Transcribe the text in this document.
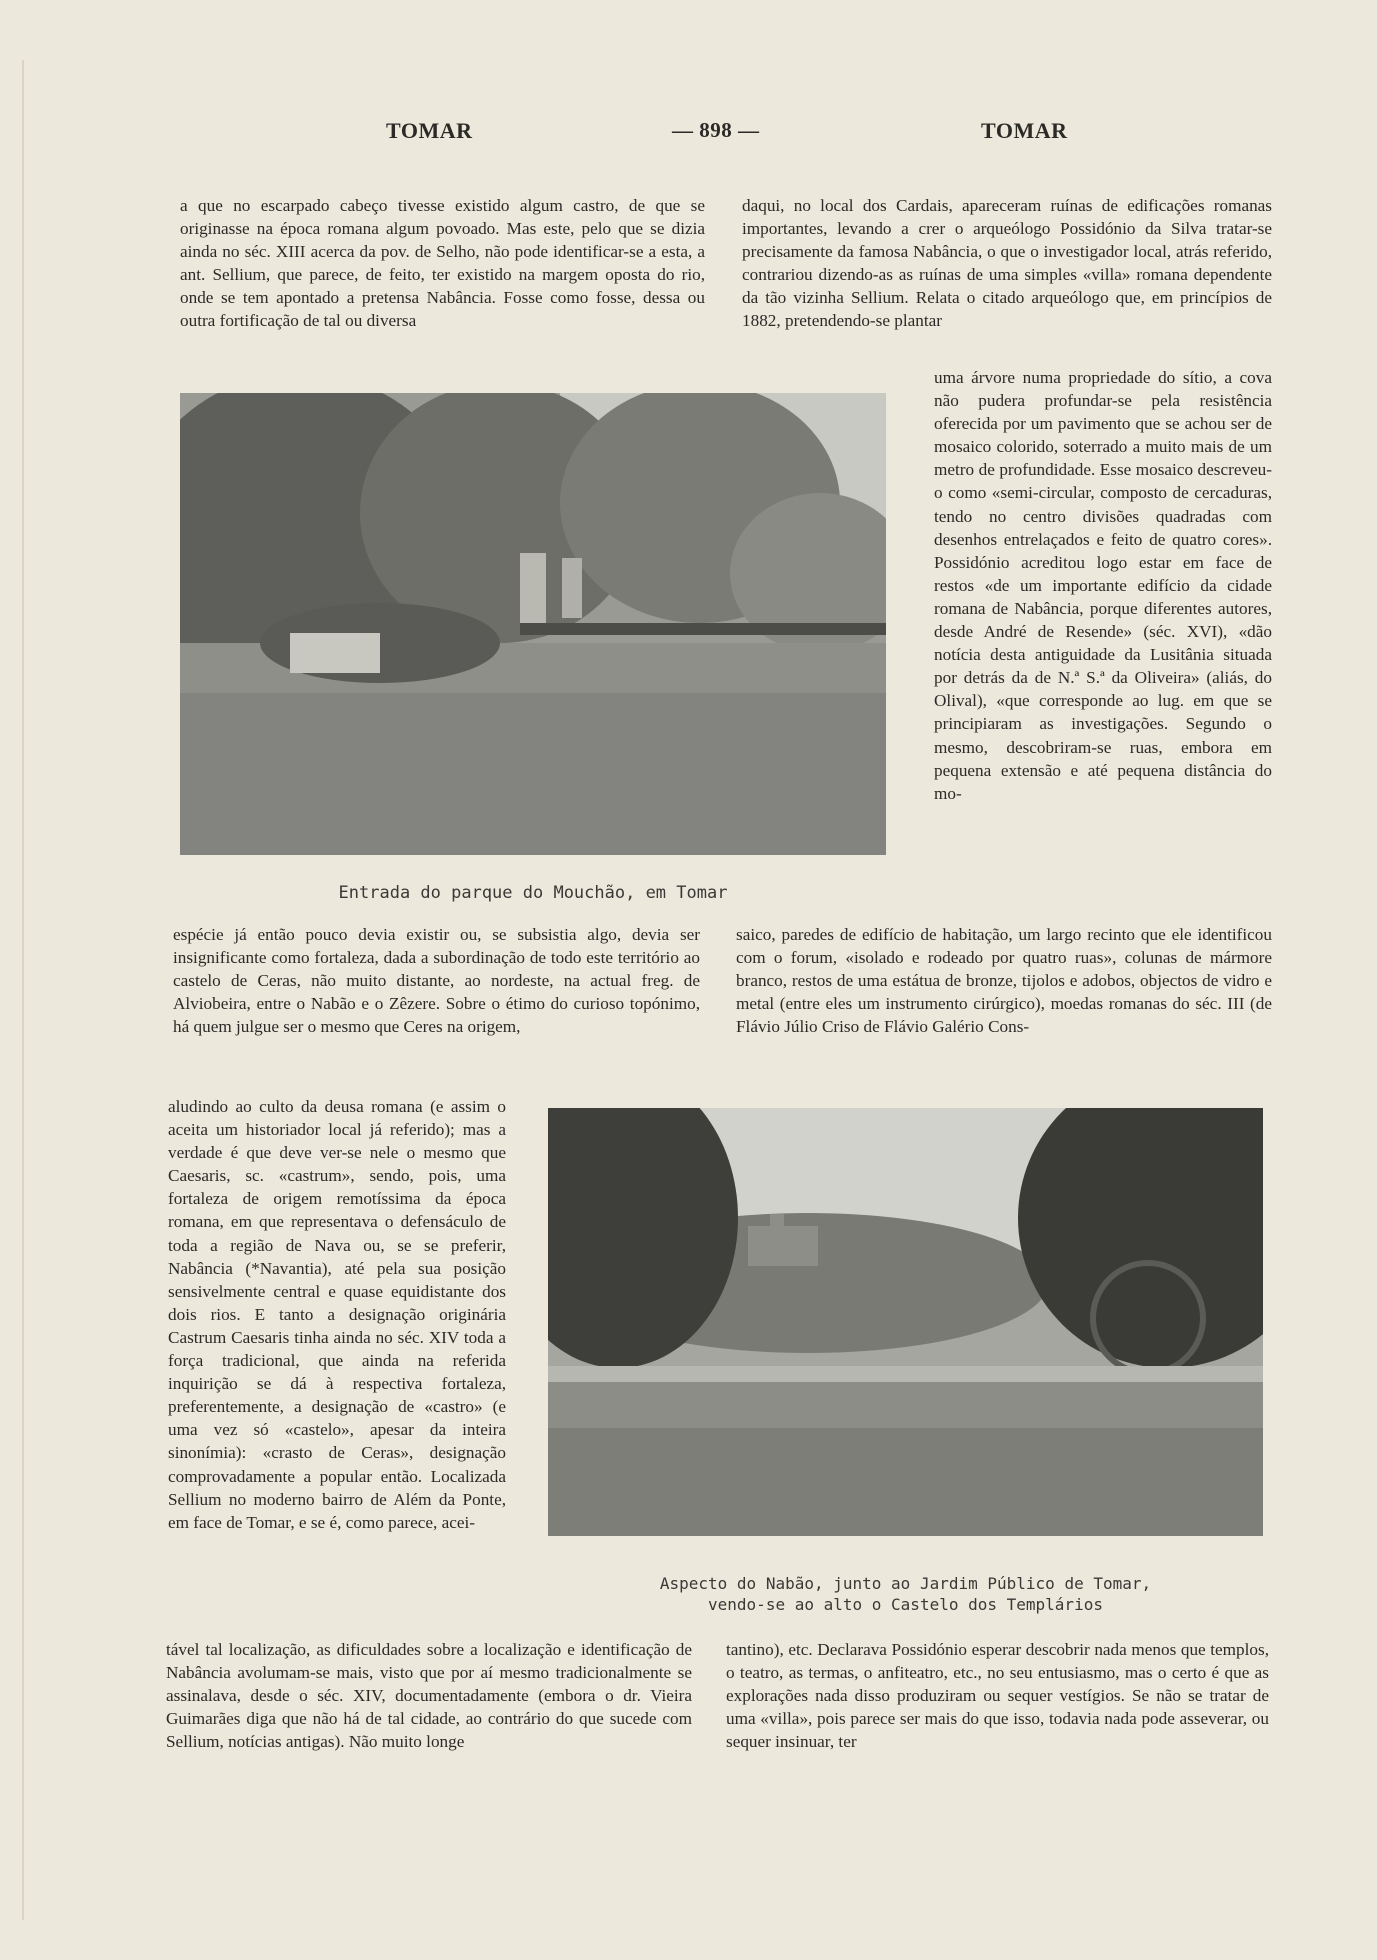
ТОМАR	— 898 —	ТОМАR

a que no escarpado cabeço tivesse existido algum castro, de que se originasse na época romana algum povoado. Mas este, pelo que se dizia ainda no séc. XIII acerca da pov. de Selho, não pode identificar-se a esta, a ant. Sellium, que parece, de feito, ter existido na margem oposta do rio, onde se tem apontado a pretensa Nabância. Fosse como fosse, dessa ou outra fortificação de tal ou diversa

daqui, no local dos Cardais, apareceram ruínas de edificações romanas importantes, levando a crer o arqueólogo Possidónio da Silva tratar-se precisamente da famosa Nabância, o que o investigador local, atrás referido, contrariou dizendo-as as ruínas de uma simples «villa» romana dependente da tão vizinha Sellium. Relata o citado arqueólogo que, em princípios de 1882, pretendendo-se plantar

Entrada do parque do Mouchão, em Tomar

uma árvore numa propriedade do sítio, a cova não pudera profundar-se pela resistência oferecida por um pavimento que se achou ser de mosaico colorido, soterrado a muito mais de um metro de profundidade. Esse mosaico descreveu-o como «semi-circular, composto de cercaduras, tendo no centro divisões quadradas com desenhos entrelaçados e feito de quatro cores». Possidónio acreditou logo estar em face de restos «de um importante edifício da cidade romana de Nabância, porque diferentes autores, desde André de Resende» (séc. XVI), «dão notícia desta antiguidade da Lusitânia situada por detrás da de N.ª S.ª da Oliveira» (aliás, do Olival), «que corresponde ao lug. em que se principiaram as investigações. Segundo o mesmo, descobriram-se ruas, embora em pequena extensão e até pequena distância do mo-

espécie já então pouco devia existir ou, se subsistia algo, devia ser insignificante como fortaleza, dada a subordinação de todo este território ao castelo de Ceras, não muito distante, ao nordeste, na actual freg. de Alviobeira, entre o Nabão e o Zêzere. Sobre o étimo do curioso topónimo, há quem julgue ser o mesmo que Ceres na origem,

saico, paredes de edifício de habitação, um largo recinto que ele identificou com o forum, «isolado e rodeado por quatro ruas», colunas de mármore branco, restos de uma estátua de bronze, tijolos e adobos, objectos de vidro e metal (entre eles um instrumento cirúrgico), moedas romanas do séc. III (de Flávio Júlio Criso de Flávio Galério Cons-

aludindo ao culto da deusa romana (e assim o aceita um historiador local já referido); mas a verdade é que deve ver-se nele o mesmo que Caesaris, sc. «castrum», sendo, pois, uma fortaleza de origem remotíssima da época romana, em que representava o defensáculo de toda a região de Nava ou, se se preferir, Nabância (*Navantia), até pela sua posição sensivelmente central e quase equidistante dos dois rios. E tanto a designação originária Castrum Caesaris tinha ainda no séc. XIV toda a força tradicional, que ainda na referida inquirição se dá à respectiva fortaleza, preferentemente, a designação de «castro» (e uma vez só «castelo», apesar da inteira sinonímia): «crasto de Ceras», designação comprovadamente a popular então. Localizada Sellium no moderno bairro de Além da Ponte, em face de Tomar, e se é, como parece, acei-

Aspecto do Nabão, junto ao Jardim Público de Tomar,
vendo-se ao alto o Castelo dos Templários

tável tal localização, as dificuldades sobre a localização e identificação de Nabância avolumam-se mais, visto que por aí mesmo tradicionalmente se assinalava, desde o séc. XIV, documentadamente (embora o dr. Vieira Guimarães diga que não há de tal cidade, ao contrário do que sucede com Sellium, notícias antigas). Não muito longe

tantino), etc. Declarava Possidónio esperar descobrir nada menos que templos, o teatro, as termas, o anfiteatro, etc., no seu entusiasmo, mas o certo é que as explorações nada disso produziram ou sequer vestígios. Se não se tratar de uma «villa», pois parece ser mais do que isso, todavia nada pode asseverar, ou sequer insinuar, ter
